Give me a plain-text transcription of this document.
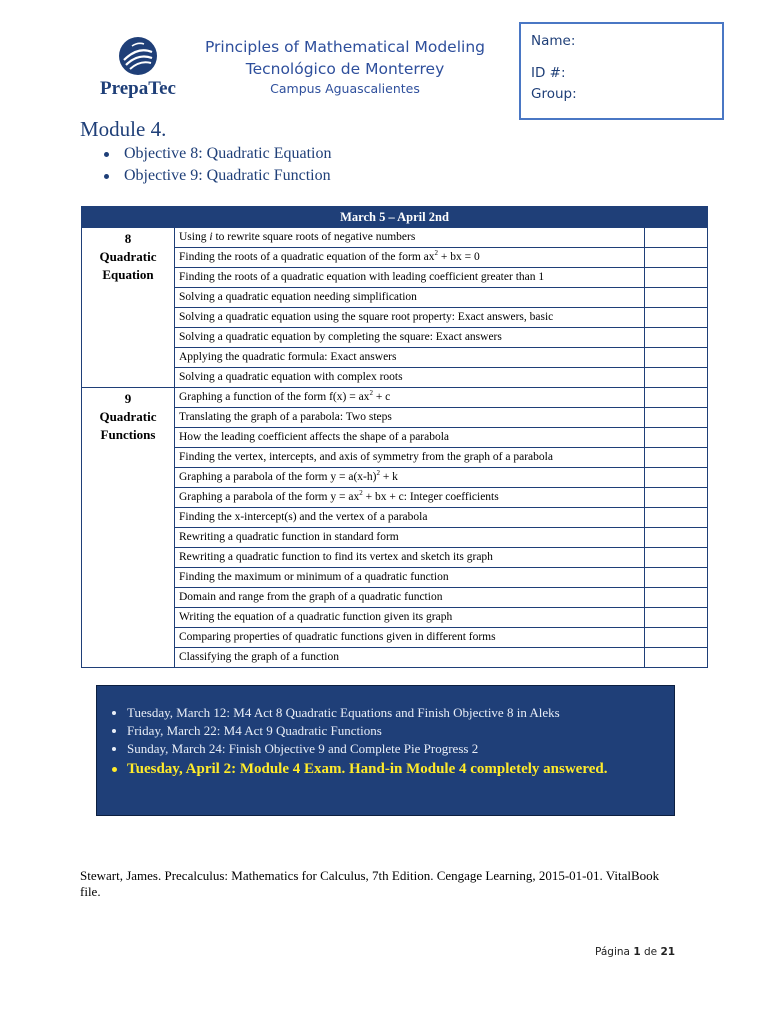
PrepaTec
Principles of Mathematical Modeling
Tecnológico de Monterrey
Campus Aguascalientes
Name:
ID #:
Group:
Module 4.
Objective 8: Quadratic Equation
Objective 9: Quadratic Function
March 5 – April 2nd		

8
Quadratic
Equation	Using i to rewrite square roots of negative numbers	
	Finding the roots of a quadratic equation of the form $ax^2$ + bx = 0	
	Finding the roots of a quadratic equation with leading coefficient greater than 1	
	Solving a quadratic equation needing simplification	
	Solving a quadratic equation using the square root property: Exact answers, basic	
	Solving a quadratic equation by completing the square: Exact answers	
	Applying the quadratic formula: Exact answers	
	Solving a quadratic equation with complex roots	

9
Quadratic
Functions	Graphing a function of the form $f(x) = ax^2 + c$	
	Translating the graph of a parabola: Two steps	
	How the leading coefficient affects the shape of a parabola	
	Finding the vertex, intercepts, and axis of symmetry from the graph of a parabola	
	Graphing a parabola of the form $y = a(x-h)^2 + k$	
	Graphing a parabola of the form $y = ax^2$ + bx + c: Integer coefficients	
	Finding the x-intercept(s) and the vertex of a parabola	
	Rewriting a quadratic function in standard form	
	Rewriting a quadratic function to find its vertex and sketch its graph	
	Finding the maximum or minimum of a quadratic function	
	Domain and range from the graph of a quadratic function	
	Writing the equation of a quadratic function given its graph	
	Comparing properties of quadratic functions given in different forms	
	Classifying the graph of a function	
Tuesday, March 12: M4 Act 8 Quadratic Equations and Finish Objective 8 in Aleks
Friday, March 22: M4 Act 9 Quadratic Functions
Sunday, March 24: Finish Objective 9 and Complete Pie Progress 2
Tuesday, April 2: Module 4 Exam. Hand-in Module 4 completely answered.
Stewart, James. Precalculus: Mathematics for Calculus, 7th Edition. Cengage Learning, 2015-01-01. VitalBook file.
Página 1 de 21
